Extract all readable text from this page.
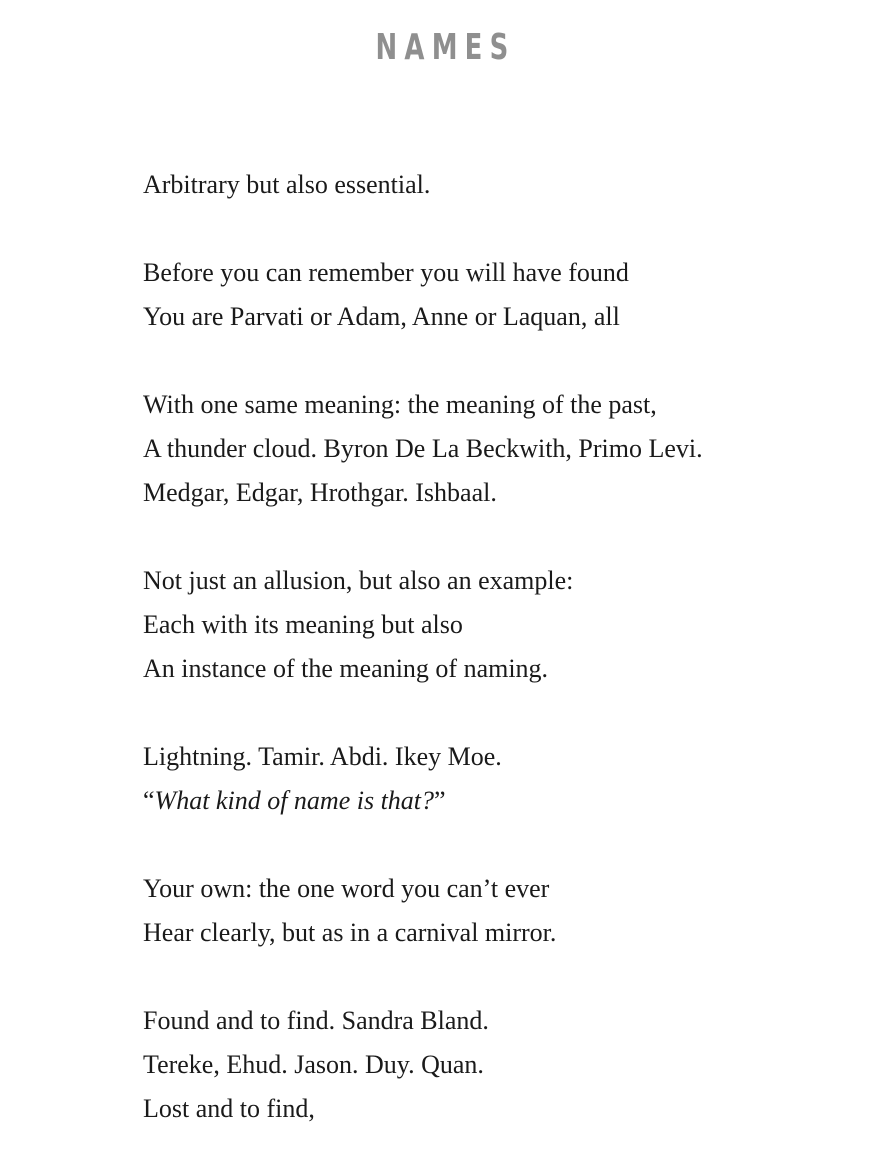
NAMES
Arbitrary but also essential.
Before you can remember you will have found
You are Parvati or Adam, Anne or Laquan, all
With one same meaning: the meaning of the past,
A thunder cloud. Byron De La Beckwith, Primo Levi.
Medgar, Edgar, Hrothgar. Ishbaal.
Not just an allusion, but also an example:
Each with its meaning but also
An instance of the meaning of naming.
Lightning. Tamir. Abdi. Ikey Moe.
“What kind of name is that?”
Your own: the one word you can’t ever
Hear clearly, but as in a carnival mirror.
Found and to find. Sandra Bland.
Tereke, Ehud. Jason. Duy. Quan.
Lost and to find,
